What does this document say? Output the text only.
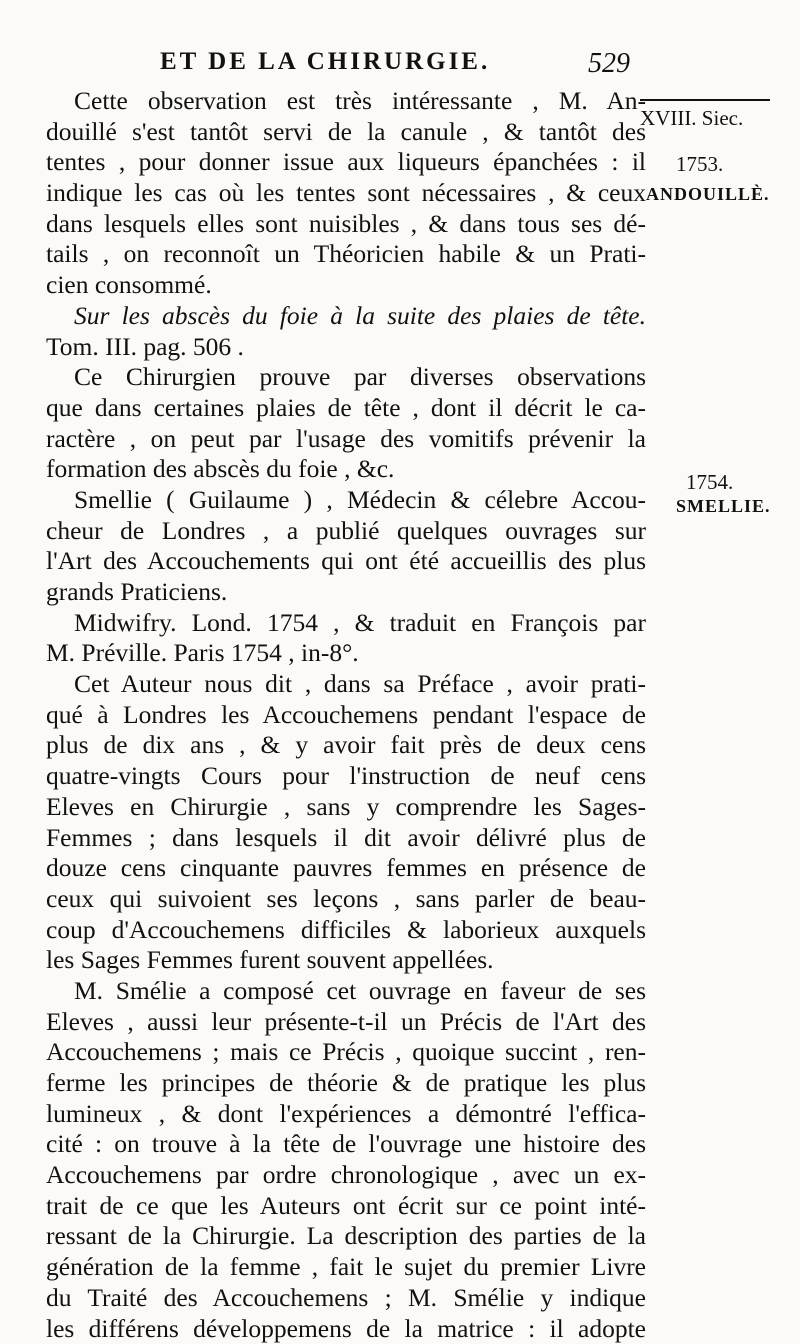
ET DE LA CHIRURGIE.	529
XVIII. Siec.
1753.
ANDOUILLÈ.
1754.
SMELLIE.
Cette observation est très intéressante , M. An-
douillé s'est tantôt servi de la canule , & tantôt des
tentes , pour donner issue aux liqueurs épanchées : il
indique les cas où les tentes sont nécessaires , & ceux
dans lesquels elles sont nuisibles , & dans tous ses dé-
tails , on reconnoît un Théoricien habile & un Prati-
cien consommé.
Sur les abscès du foie à la suite des plaies de tête.
Tom. III. pag. 506 .
Ce Chirurgien prouve par diverses observations
que dans certaines plaies de tête , dont il décrit le ca-
ractère , on peut par l'usage des vomitifs prévenir la
formation des abscès du foie , &c.
Smellie ( Guilaume ) , Médecin & célebre Accou-
cheur de Londres , a publié quelques ouvrages sur
l'Art des Accouchements qui ont été accueillis des plus
grands Praticiens.
Midwifry. Lond. 1754 , & traduit en François par
M. Préville. Paris 1754 , in-8°.
Cet Auteur nous dit , dans sa Préface , avoir prati-
qué à Londres les Accouchemens pendant l'espace de
plus de dix ans , & y avoir fait près de deux cens
quatre-vingts Cours pour l'instruction de neuf cens
Eleves en Chirurgie , sans y comprendre les Sages-
Femmes ; dans lesquels il dit avoir délivré plus de
douze cens cinquante pauvres femmes en présence de
ceux qui suivoient ses leçons , sans parler de beau-
coup d'Accouchemens difficiles & laborieux auxquels
les Sages Femmes furent souvent appellées.
M. Smélie a composé cet ouvrage en faveur de ses
Eleves , aussi leur présente-t-il un Précis de l'Art des
Accouchemens ; mais ce Précis , quoique succint , ren-
ferme les principes de théorie & de pratique les plus
lumineux , & dont l'expériences a démontré l'effica-
cité : on trouve à la tête de l'ouvrage une histoire des
Accouchemens par ordre chronologique , avec un ex-
trait de ce que les Auteurs ont écrit sur ce point inté-
ressant de la Chirurgie. La description des parties de la
génération de la femme , fait le sujet du premier Livre
du Traité des Accouchemens ; M. Smélie y indique
les différens développemens de la matrice : il adopte
